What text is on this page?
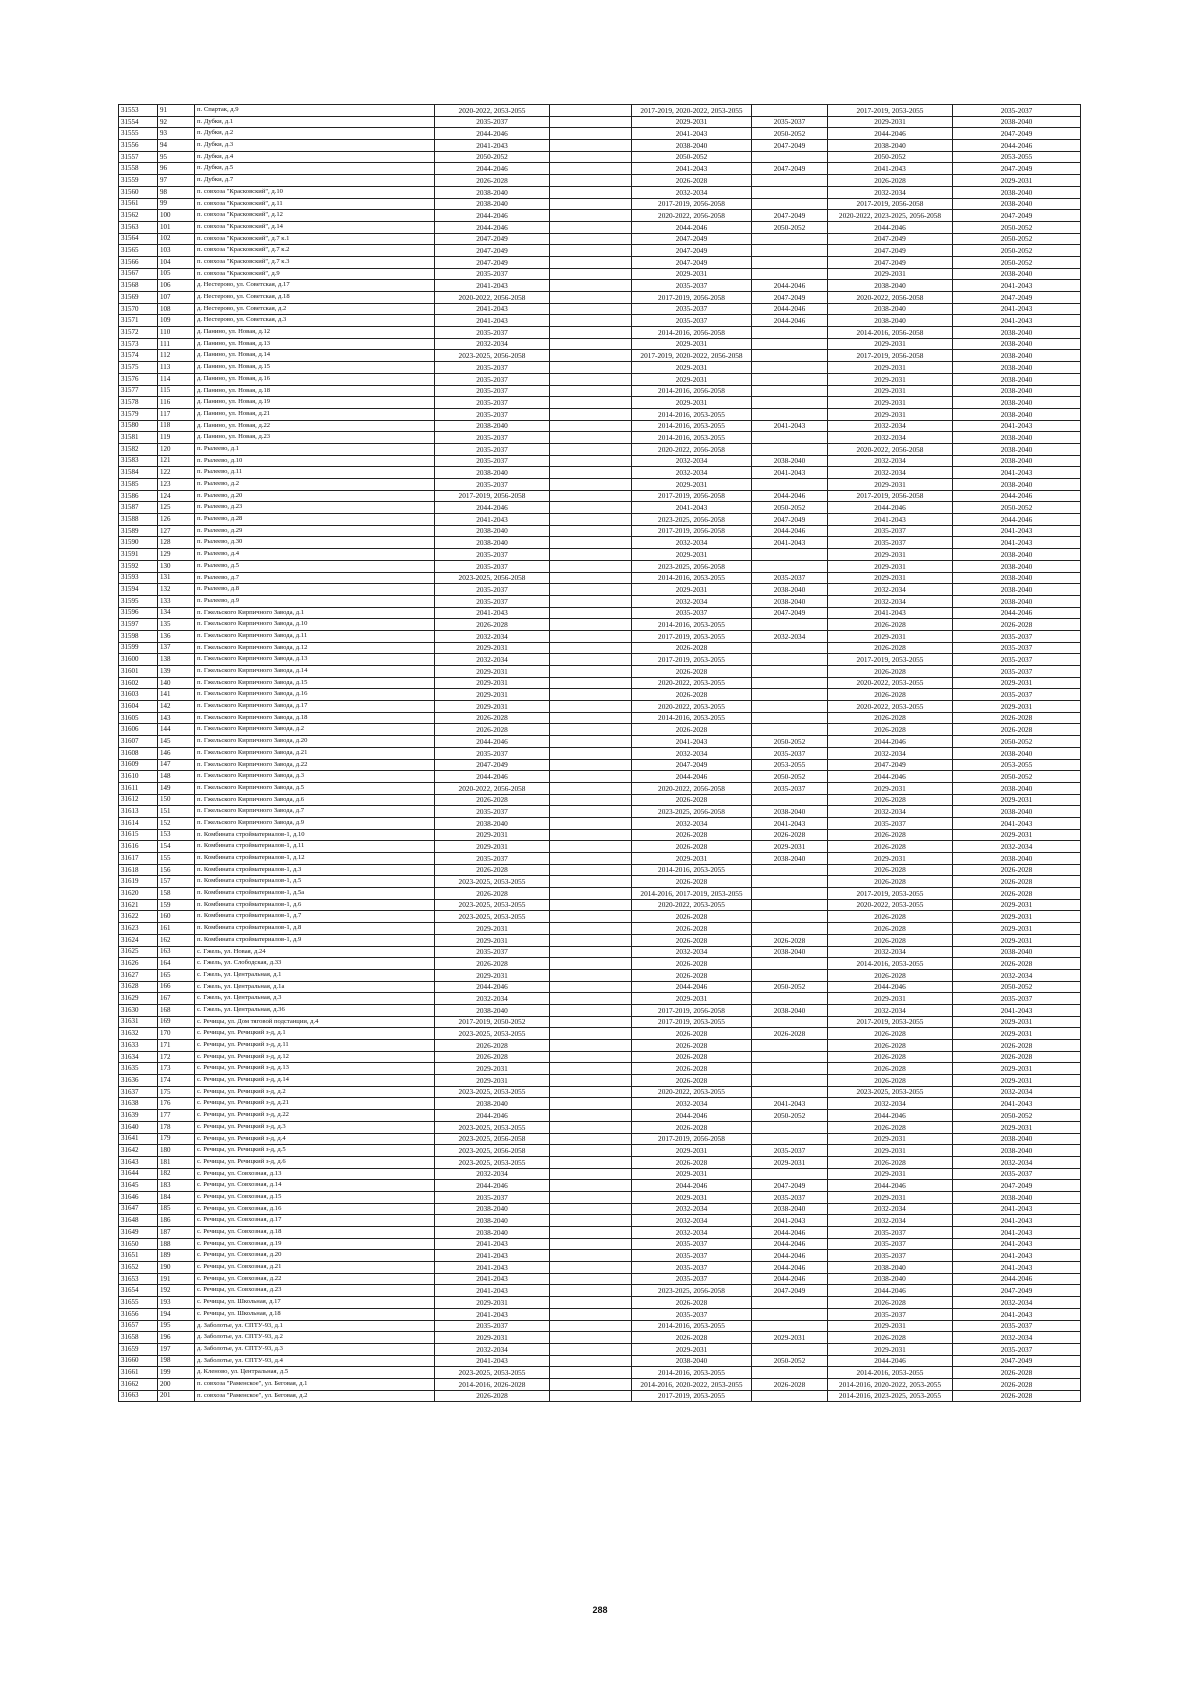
31553	91	п. Спартак, д.9	2020-2022, 2053-2055		2017-2019, 2020-2022, 2053-2055		2017-2019, 2053-2055	2035-2037
31554	92	п. Дубки, д.1	2035-2037		2029-2031	2035-2037	2029-2031	2038-2040
31555	93	п. Дубки, д.2	2044-2046		2041-2043	2050-2052	2044-2046	2047-2049
31556	94	п. Дубки, д.3	2041-2043		2038-2040	2047-2049	2038-2040	2044-2046
31557	95	п. Дубки, д.4	2050-2052		2050-2052		2050-2052	2053-2055
31558	96	п. Дубки, д.5	2044-2046		2041-2043	2047-2049	2041-2043	2047-2049
31559	97	п. Дубки, д.7	2026-2028		2026-2028		2026-2028	2029-2031
31560	98	п. совхоза "Красковский", д.10	2038-2040		2032-2034		2032-2034	2038-2040
31561	99	п. совхоза "Красковский", д.11	2038-2040		2017-2019, 2056-2058		2017-2019, 2056-2058	2038-2040
31562	100	п. совхоза "Красковский", д.12	2044-2046		2020-2022, 2056-2058	2047-2049	2020-2022, 2023-2025, 2056-2058	2047-2049
31563	101	п. совхоза "Красковский", д.14	2044-2046		2044-2046	2050-2052	2044-2046	2050-2052
31564	102	п. совхоза "Красковский", д.7 к.1	2047-2049		2047-2049		2047-2049	2050-2052
31565	103	п. совхоза "Красковский", д.7 к.2	2047-2049		2047-2049		2047-2049	2050-2052
31566	104	п. совхоза "Красковский", д.7 к.3	2047-2049		2047-2049		2047-2049	2050-2052
31567	105	п. совхоза "Красковский", д.9	2035-2037		2029-2031		2029-2031	2038-2040
31568	106	д. Нестерово, ул. Советская, д.17	2041-2043		2035-2037	2044-2046	2038-2040	2041-2043
31569	107	д. Нестерово, ул. Советская, д.18	2020-2022, 2056-2058		2017-2019, 2056-2058	2047-2049	2020-2022, 2056-2058	2047-2049
31570	108	д. Нестерово, ул. Советская, д.2	2041-2043		2035-2037	2044-2046	2038-2040	2041-2043
31571	109	д. Нестерово, ул. Советская, д.3	2041-2043		2035-2037	2044-2046	2038-2040	2041-2043
31572	110	д. Панино, ул. Новая, д.12	2035-2037		2014-2016, 2056-2058		2014-2016, 2056-2058	2038-2040
31573	111	д. Панино, ул. Новая, д.13	2032-2034		2029-2031		2029-2031	2038-2040
31574	112	д. Панино, ул. Новая, д.14	2023-2025, 2056-2058		2017-2019, 2020-2022, 2056-2058		2017-2019, 2056-2058	2038-2040
31575	113	д. Панино, ул. Новая, д.15	2035-2037		2029-2031		2029-2031	2038-2040
31576	114	д. Панино, ул. Новая, д.16	2035-2037		2029-2031		2029-2031	2038-2040
31577	115	д. Панино, ул. Новая, д.18	2035-2037		2014-2016, 2056-2058		2029-2031	2038-2040
31578	116	д. Панино, ул. Новая, д.19	2035-2037		2029-2031		2029-2031	2038-2040
31579	117	д. Панино, ул. Новая, д.21	2035-2037		2014-2016, 2053-2055		2029-2031	2038-2040
31580	118	д. Панино, ул. Новая, д.22	2038-2040		2014-2016, 2053-2055	2041-2043	2032-2034	2041-2043
31581	119	д. Панино, ул. Новая, д.23	2035-2037		2014-2016, 2053-2055		2032-2034	2038-2040
31582	120	п. Рылеево, д.1	2035-2037		2020-2022, 2056-2058		2020-2022, 2056-2058	2038-2040
31583	121	п. Рылеево, д.10	2035-2037		2032-2034	2038-2040	2032-2034	2038-2040
31584	122	п. Рылеево, д.11	2038-2040		2032-2034	2041-2043	2032-2034	2041-2043
31585	123	п. Рылеево, д.2	2035-2037		2029-2031		2029-2031	2038-2040
31586	124	п. Рылеево, д.20	2017-2019, 2056-2058		2017-2019, 2056-2058	2044-2046	2017-2019, 2056-2058	2044-2046
31587	125	п. Рылеево, д.23	2044-2046		2041-2043	2050-2052	2044-2046	2050-2052
31588	126	п. Рылеево, д.28	2041-2043		2023-2025, 2056-2058	2047-2049	2041-2043	2044-2046
31589	127	п. Рылеево, д.29	2038-2040		2017-2019, 2056-2058	2044-2046	2035-2037	2041-2043
31590	128	п. Рылеево, д.30	2038-2040		2032-2034	2041-2043	2035-2037	2041-2043
31591	129	п. Рылеево, д.4	2035-2037		2029-2031		2029-2031	2038-2040
31592	130	п. Рылеево, д.5	2035-2037		2023-2025, 2056-2058		2029-2031	2038-2040
31593	131	п. Рылеево, д.7	2023-2025, 2056-2058		2014-2016, 2053-2055	2035-2037	2029-2031	2038-2040
31594	132	п. Рылеево, д.8	2035-2037		2029-2031	2038-2040	2032-2034	2038-2040
31595	133	п. Рылеево, д.9	2035-2037		2032-2034	2038-2040	2032-2034	2038-2040
31596	134	п. Гжельского Кирпичного Завода, д.1	2041-2043		2035-2037	2047-2049	2041-2043	2044-2046
31597	135	п. Гжельского Кирпичного Завода, д.10	2026-2028		2014-2016, 2053-2055		2026-2028	2026-2028
31598	136	п. Гжельского Кирпичного Завода, д.11	2032-2034		2017-2019, 2053-2055	2032-2034	2029-2031	2035-2037
31599	137	п. Гжельского Кирпичного Завода, д.12	2029-2031		2026-2028		2026-2028	2035-2037
31600	138	п. Гжельского Кирпичного Завода, д.13	2032-2034		2017-2019, 2053-2055		2017-2019, 2053-2055	2035-2037
31601	139	п. Гжельского Кирпичного Завода, д.14	2029-2031		2026-2028		2026-2028	2035-2037
31602	140	п. Гжельского Кирпичного Завода, д.15	2029-2031		2020-2022, 2053-2055		2020-2022, 2053-2055	2029-2031
31603	141	п. Гжельского Кирпичного Завода, д.16	2029-2031		2026-2028		2026-2028	2035-2037
31604	142	п. Гжельского Кирпичного Завода, д.17	2029-2031		2020-2022, 2053-2055		2020-2022, 2053-2055	2029-2031
31605	143	п. Гжельского Кирпичного Завода, д.18	2026-2028		2014-2016, 2053-2055		2026-2028	2026-2028
31606	144	п. Гжельского Кирпичного Завода, д.2	2026-2028		2026-2028		2026-2028	2026-2028
31607	145	п. Гжельского Кирпичного Завода, д.20	2044-2046		2041-2043	2050-2052	2044-2046	2050-2052
31608	146	п. Гжельского Кирпичного Завода, д.21	2035-2037		2032-2034	2035-2037	2032-2034	2038-2040
31609	147	п. Гжельского Кирпичного Завода, д.22	2047-2049		2047-2049	2053-2055	2047-2049	2053-2055
31610	148	п. Гжельского Кирпичного Завода, д.3	2044-2046		2044-2046	2050-2052	2044-2046	2050-2052
31611	149	п. Гжельского Кирпичного Завода, д.5	2020-2022, 2056-2058		2020-2022, 2056-2058	2035-2037	2029-2031	2038-2040
31612	150	п. Гжельского Кирпичного Завода, д.6	2026-2028		2026-2028		2026-2028	2029-2031
31613	151	п. Гжельского Кирпичного Завода, д.7	2035-2037		2023-2025, 2056-2058	2038-2040	2032-2034	2038-2040
31614	152	п. Гжельского Кирпичного Завода, д.9	2038-2040		2032-2034	2041-2043	2035-2037	2041-2043
31615	153	п. Комбината стройматериалов-1, д.10	2029-2031		2026-2028	2026-2028	2026-2028	2029-2031
31616	154	п. Комбината стройматериалов-1, д.11	2029-2031		2026-2028	2029-2031	2026-2028	2032-2034
31617	155	п. Комбината стройматериалов-1, д.12	2035-2037		2029-2031	2038-2040	2029-2031	2038-2040
31618	156	п. Комбината стройматериалов-1, д.3	2026-2028		2014-2016, 2053-2055		2026-2028	2026-2028
31619	157	п. Комбината стройматериалов-1, д.5	2023-2025, 2053-2055		2026-2028		2026-2028	2026-2028
31620	158	п. Комбината стройматериалов-1, д.5а	2026-2028		2014-2016, 2017-2019, 2053-2055		2017-2019, 2053-2055	2026-2028
31621	159	п. Комбината стройматериалов-1, д.6	2023-2025, 2053-2055		2020-2022, 2053-2055		2020-2022, 2053-2055	2029-2031
31622	160	п. Комбината стройматериалов-1, д.7	2023-2025, 2053-2055		2026-2028		2026-2028	2029-2031
31623	161	п. Комбината стройматериалов-1, д.8	2029-2031		2026-2028		2026-2028	2029-2031
31624	162	п. Комбината стройматериалов-1, д.9	2029-2031		2026-2028	2026-2028	2026-2028	2029-2031
31625	163	с. Гжель, ул. Новая, д.24	2035-2037		2032-2034	2038-2040	2032-2034	2038-2040
31626	164	с. Гжель, ул. Слободская, д.33	2026-2028		2026-2028		2014-2016, 2053-2055	2026-2028
31627	165	с. Гжель, ул. Центральная, д.1	2029-2031		2026-2028		2026-2028	2032-2034
31628	166	с. Гжель, ул. Центральная, д.1а	2044-2046		2044-2046	2050-2052	2044-2046	2050-2052
31629	167	с. Гжель, ул. Центральная, д.3	2032-2034		2029-2031		2029-2031	2035-2037
31630	168	с. Гжель, ул. Центральная, д.36	2038-2040		2017-2019, 2056-2058	2038-2040	2032-2034	2041-2043
31631	169	с. Речицы, ул. Дом тяговой подстанции, д.4	2017-2019, 2050-2052		2017-2019, 2053-2055		2017-2019, 2053-2055	2029-2031
31632	170	с. Речицы, ул. Речицкий з-д, д.1	2023-2025, 2053-2055		2026-2028	2026-2028	2026-2028	2029-2031
31633	171	с. Речицы, ул. Речицкий з-д, д.11	2026-2028		2026-2028		2026-2028	2026-2028
31634	172	с. Речицы, ул. Речицкий з-д, д.12	2026-2028		2026-2028		2026-2028	2026-2028
31635	173	с. Речицы, ул. Речицкий з-д, д.13	2029-2031		2026-2028		2026-2028	2029-2031
31636	174	с. Речицы, ул. Речицкий з-д, д.14	2029-2031		2026-2028		2026-2028	2029-2031
31637	175	с. Речицы, ул. Речицкий з-д, д.2	2023-2025, 2053-2055		2020-2022, 2053-2055		2023-2025, 2053-2055	2032-2034
31638	176	с. Речицы, ул. Речицкий з-д, д.21	2038-2040		2032-2034	2041-2043	2032-2034	2041-2043
31639	177	с. Речицы, ул. Речицкий з-д, д.22	2044-2046		2044-2046	2050-2052	2044-2046	2050-2052
31640	178	с. Речицы, ул. Речицкий з-д, д.3	2023-2025, 2053-2055		2026-2028		2026-2028	2029-2031
31641	179	с. Речицы, ул. Речицкий з-д, д.4	2023-2025, 2056-2058		2017-2019, 2056-2058		2029-2031	2038-2040
31642	180	с. Речицы, ул. Речицкий з-д, д.5	2023-2025, 2056-2058		2029-2031	2035-2037	2029-2031	2038-2040
31643	181	с. Речицы, ул. Речицкий з-д, д.6	2023-2025, 2053-2055		2026-2028	2029-2031	2026-2028	2032-2034
31644	182	с. Речицы, ул. Совхозная, д.13	2032-2034		2029-2031		2029-2031	2035-2037
31645	183	с. Речицы, ул. Совхозная, д.14	2044-2046		2044-2046	2047-2049	2044-2046	2047-2049
31646	184	с. Речицы, ул. Совхозная, д.15	2035-2037		2029-2031	2035-2037	2029-2031	2038-2040
31647	185	с. Речицы, ул. Совхозная, д.16	2038-2040		2032-2034	2038-2040	2032-2034	2041-2043
31648	186	с. Речицы, ул. Совхозная, д.17	2038-2040		2032-2034	2041-2043	2032-2034	2041-2043
31649	187	с. Речицы, ул. Совхозная, д.18	2038-2040		2032-2034	2044-2046	2035-2037	2041-2043
31650	188	с. Речицы, ул. Совхозная, д.19	2041-2043		2035-2037	2044-2046	2035-2037	2041-2043
31651	189	с. Речицы, ул. Совхозная, д.20	2041-2043		2035-2037	2044-2046	2035-2037	2041-2043
31652	190	с. Речицы, ул. Совхозная, д.21	2041-2043		2035-2037	2044-2046	2038-2040	2041-2043
31653	191	с. Речицы, ул. Совхозная, д.22	2041-2043		2035-2037	2044-2046	2038-2040	2044-2046
31654	192	с. Речицы, ул. Совхозная, д.23	2041-2043		2023-2025, 2056-2058	2047-2049	2044-2046	2047-2049
31655	193	с. Речицы, ул. Школьная, д.17	2029-2031		2026-2028		2026-2028	2032-2034
31656	194	с. Речицы, ул. Школьная, д.18	2041-2043		2035-2037		2035-2037	2041-2043
31657	195	д. Заболотье, ул. СПТУ-93, д.1	2035-2037		2014-2016, 2053-2055		2029-2031	2035-2037
31658	196	д. Заболотье, ул. СПТУ-93, д.2	2029-2031		2026-2028	2029-2031	2026-2028	2032-2034
31659	197	д. Заболотье, ул. СПТУ-93, д.3	2032-2034		2029-2031		2029-2031	2035-2037
31660	198	д. Заболотье, ул. СПТУ-93, д.4	2041-2043		2038-2040	2050-2052	2044-2046	2047-2049
31661	199	д. Кленово, ул. Центральная, д.5	2023-2025, 2053-2055		2014-2016, 2053-2055		2014-2016, 2053-2055	2026-2028
31662	200	п. совхоза "Раменское", ул. Беговая, д.1	2014-2016, 2026-2028		2014-2016, 2020-2022, 2053-2055	2026-2028	2014-2016, 2020-2022, 2053-2055	2026-2028
31663	201	п. совхоза "Раменское", ул. Беговая, д.2	2026-2028		2017-2019, 2053-2055		2014-2016, 2023-2025, 2053-2055	2026-2028
288
